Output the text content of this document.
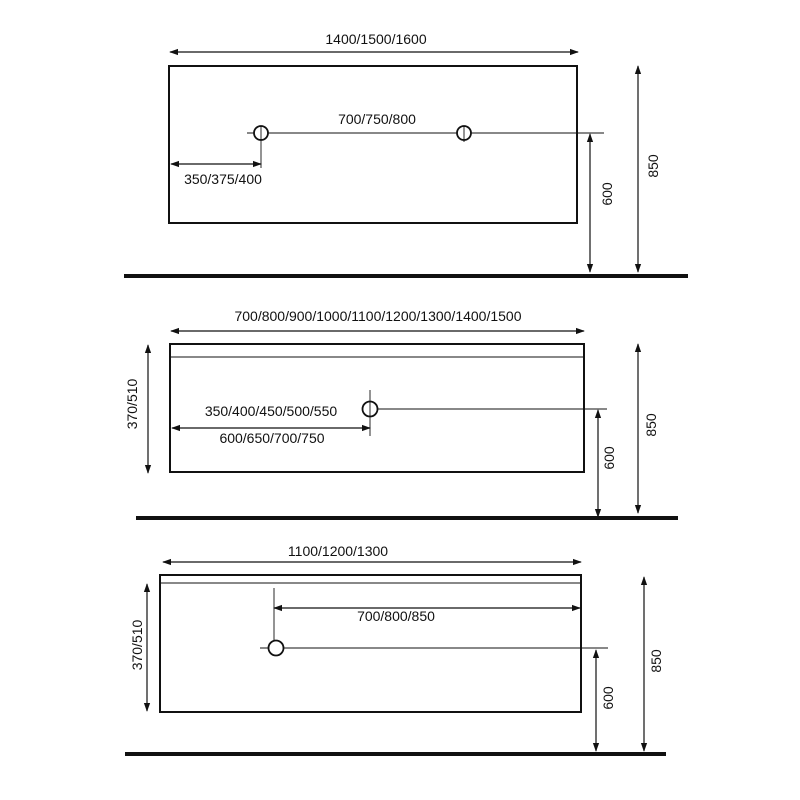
1400/1500/1600
700/750/800
350/375/400
600
850
700/800/900/1000/1100/1200/1300/1400/1500
370/510	350/400/450/500/550
600/650/700/750
600
850
1100/1200/1300
370/510
700/800/850
600
850
